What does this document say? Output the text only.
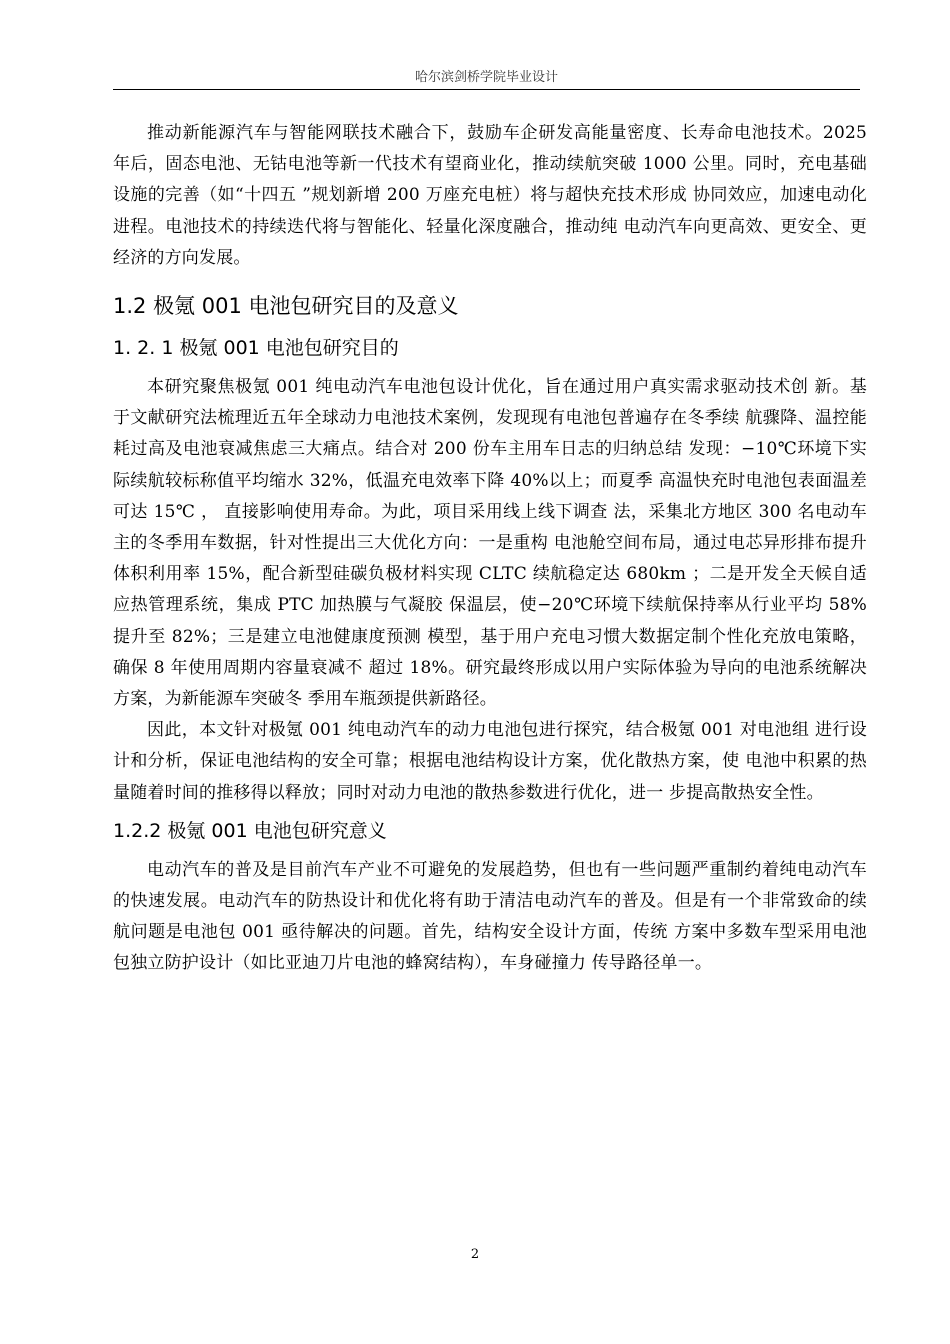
哈尔滨剑桥学院毕业设计

推动新能源汽车与智能网联技术融合下，鼓励车企研发高能量密度、长寿命电池技术。2025 年后，固态电池、无钴电池等新一代技术有望商业化，推动续航突破 1000 公里。同时，充电基础设施的完善（如“十四五 ”规划新增 200 万座充电桩）将与超快充技术形成 协同效应，加速电动化进程。电池技术的持续迭代将与智能化、轻量化深度融合，推动纯 电动汽车向更高效、更安全、更经济的方向发展。

1.2 极氪 001 电池包研究目的及意义
1. 2. 1 极氪 001 电池包研究目的

本研究聚焦极氪 001 纯电动汽车电池包设计优化，旨在通过用户真实需求驱动技术创 新。基于文献研究法梳理近五年全球动力电池技术案例，发现现有电池包普遍存在冬季续 航骤降、温控能耗过高及电池衰减焦虑三大痛点。结合对 200 份车主用车日志的归纳总结 发现：−10℃环境下实际续航较标称值平均缩水 32%，低温充电效率下降 40%以上；而夏季 高温快充时电池包表面温差可达 15℃ ， 直接影响使用寿命。为此，项目采用线上线下调查 法，采集北方地区 300 名电动车主的冬季用车数据，针对性提出三大优化方向：一是重构 电池舱空间布局，通过电芯异形排布提升体积利用率 15%，配合新型硅碳负极材料实现 CLTC 续航稳定达 680km ；二是开发全天候自适应热管理系统，集成 PTC 加热膜与气凝胶 保温层，使−20℃环境下续航保持率从行业平均 58%提升至 82%；三是建立电池健康度预测 模型，基于用户充电习惯大数据定制个性化充放电策略，确保 8 年使用周期内容量衰减不 超过 18%。研究最终形成以用户实际体验为导向的电池系统解决方案，为新能源车突破冬 季用车瓶颈提供新路径。

因此，本文针对极氪 001 纯电动汽车的动力电池包进行探究，结合极氪 001 对电池组 进行设计和分析，保证电池结构的安全可靠；根据电池结构设计方案，优化散热方案，使 电池中积累的热量随着时间的推移得以释放；同时对动力电池的散热参数进行优化，进一 步提高散热安全性。

1.2.2 极氪 001 电池包研究意义

电动汽车的普及是目前汽车产业不可避免的发展趋势，但也有一些问题严重制约着纯电动汽车的快速发展。电动汽车的防热设计和优化将有助于清洁电动汽车的普及。但是有一个非常致命的续航问题是电池包 001 亟待解决的问题。首先，结构安全设计方面，传统 方案中多数车型采用电池包独立防护设计（如比亚迪刀片电池的蜂窝结构），车身碰撞力 传导路径单一。

2
